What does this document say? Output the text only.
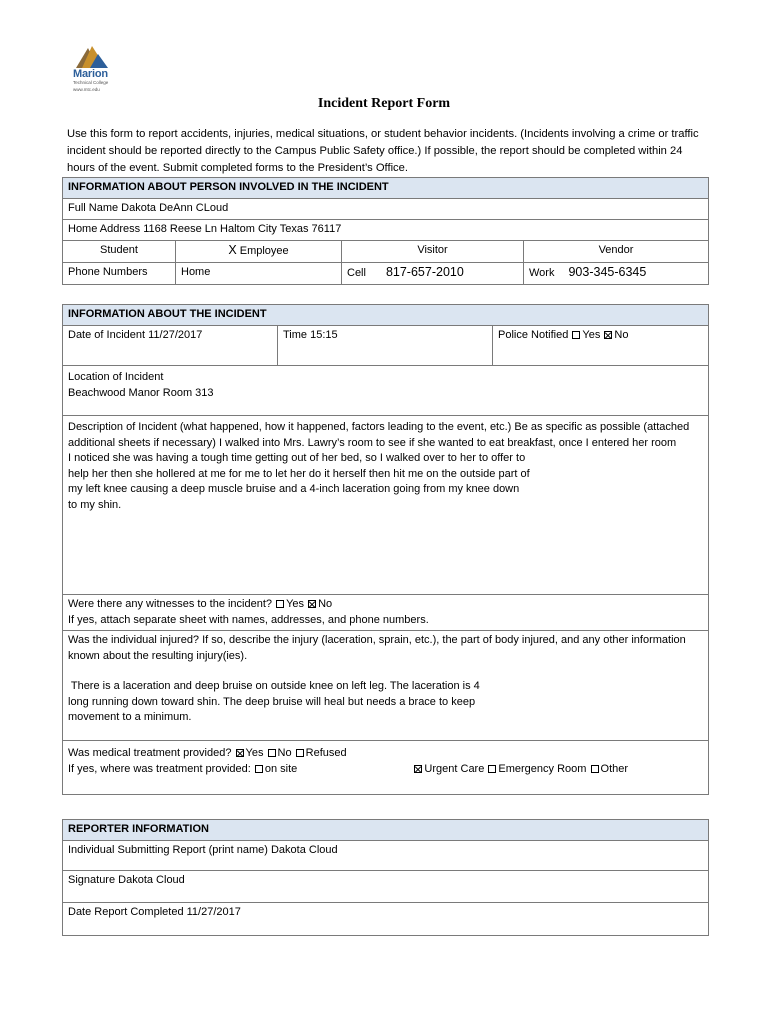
Marion
Technical College
www.mtc.edu
Incident Report Form
Use this form to report accidents, injuries, medical situations, or student behavior incidents. (Incidents involving a crime or traffic incident should be reported directly to the Campus Public Safety office.) If possible, the report should be completed within 24 hours of the event. Submit completed forms to the President’s Office.
INFORMATION ABOUT PERSON INVOLVED IN THE INCIDENT			
Full Name Dakota DeAnn CLoud			
Home Address 1168 Reese Ln Haltom City Texas 76117			
Student	X Employee	Visitor	Vendor
Phone Numbers	Home	Cell 817-657-2010	Work 903-345-6345
INFORMATION ABOUT THE INCIDENT
Date of Incident 11/27/2017	Time 15:15	Police Notified Yes No

Location of Incident
Beachwood Manor Room 313

Description of Incident (what happened, how it happened, factors leading to the event, etc.) Be as specific as possible (attached additional sheets if necessary) I walked into Mrs. Lawry’s room to see if she wanted to eat breakfast, once I entered her room
I noticed she was having a tough time getting out of her bed, so I walked over to her to offer to
help her then she hollered at me for me to let her do it herself then hit me on the outside part of
my left knee causing a deep muscle bruise and a 4-inch laceration going from my knee down
to my shin.

Were there any witnesses to the incident? Yes No
If yes, attach separate sheet with names, addresses, and phone numbers.

Was the individual injured? If so, describe the injury (laceration, sprain, etc.), the part of body injured, and any other information known about the resulting injury(ies).
There is a laceration and deep bruise on outside knee on left leg. The laceration is 4
long running down toward shin. The deep bruise will heal but needs a brace to keep
movement to a minimum.

Was medical treatment provided? Yes No Refused
If yes, where was treatment provided: on site	Urgent Care Emergency Room Other
REPORTER INFORMATION
Individual Submitting Report (print name) Dakota Cloud
Signature Dakota Cloud
Date Report Completed 11/27/2017
